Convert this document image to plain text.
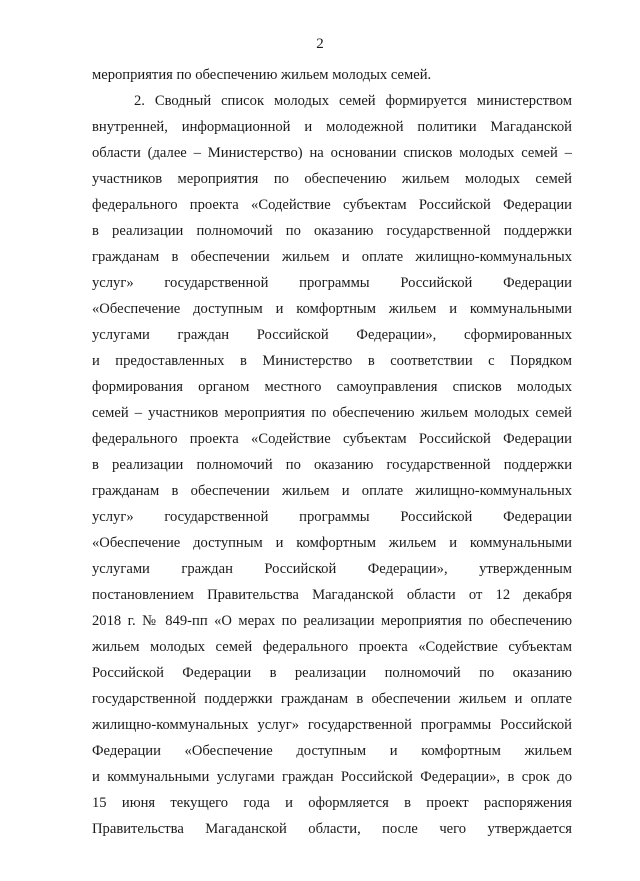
2
мероприятия по обеспечению жильем молодых семей.
2. Сводный список молодых семей формируется министерством
внутренней, информационной и молодежной политики Магаданской
области (далее – Министерство) на основании списков молодых семей –
участников мероприятия по обеспечению жильем молодых семей
федерального проекта «Содействие субъектам Российской Федерации
в реализации полномочий по оказанию государственной поддержки
гражданам в обеспечении жильем и оплате жилищно-коммунальных
услуг» государственной программы Российской Федерации
«Обеспечение доступным и комфортным жильем и коммунальными
услугами граждан Российской Федерации», сформированных
и предоставленных в Министерство в соответствии с Порядком
формирования органом местного самоуправления списков молодых
семей – участников мероприятия по обеспечению жильем молодых семей
федерального проекта «Содействие субъектам Российской Федерации
в реализации полномочий по оказанию государственной поддержки
гражданам в обеспечении жильем и оплате жилищно-коммунальных
услуг» государственной программы Российской Федерации
«Обеспечение доступным и комфортным жильем и коммунальными
услугами граждан Российской Федерации», утвержденным
постановлением Правительства Магаданской области от 12 декабря
2018 г. № 849-пп «О мерах по реализации мероприятия по обеспечению
жильем молодых семей федерального проекта «Содействие субъектам
Российской Федерации в реализации полномочий по оказанию
государственной поддержки гражданам в обеспечении жильем и оплате
жилищно-коммунальных услуг» государственной программы Российской
Федерации «Обеспечение доступным и комфортным жильем
и коммунальными услугами граждан Российской Федерации», в срок до
15 июня текущего года и оформляется в проект распоряжения
Правительства Магаданской области, после чего утверждается
